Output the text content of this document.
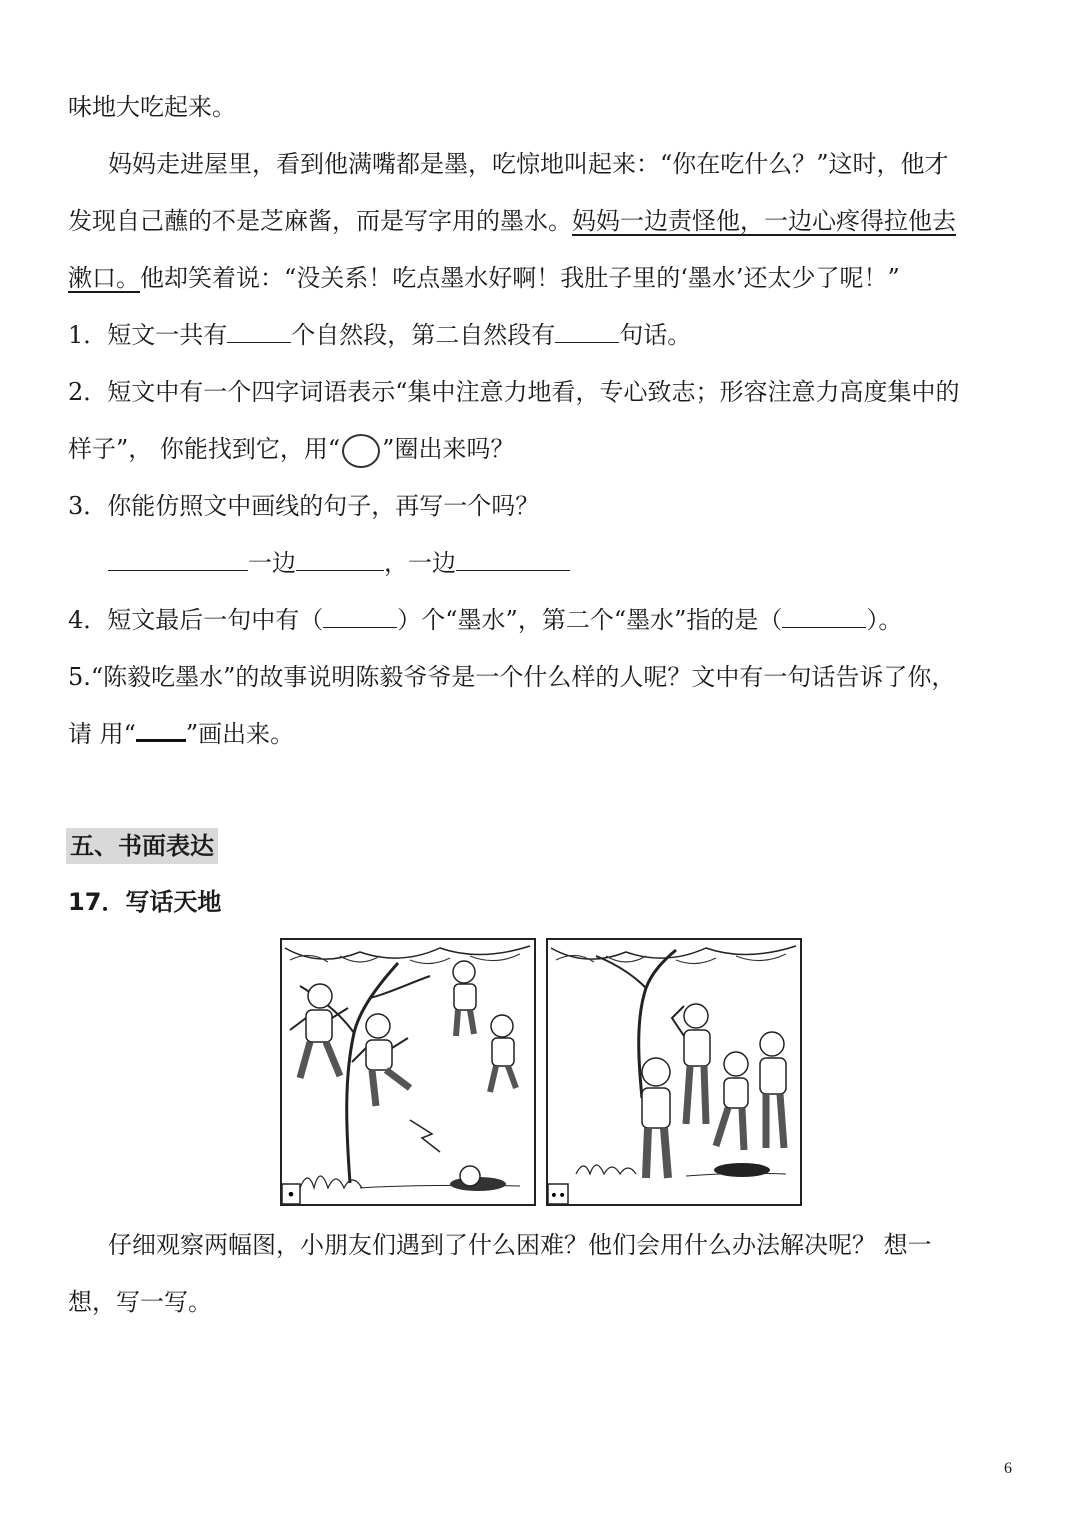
味地大吃起来。
妈妈走进屋里，看到他满嘴都是墨，吃惊地叫起来：“你在吃什么？”这时，他才
发现自己蘸的不是芝麻酱，而是写字用的墨水。妈妈一边责怪他，一边心疼得拉他去
漱口。他却笑着说：“没关系！吃点墨水好啊！我肚子里的‘墨水’还太少了呢！”
1．短文一共有	个自然段，第二自然段有	句话。
2．短文中有一个四字词语表示“集中注意力地看，专心致志；形容注意力高度集中的
样子”， 你能找到它，用“ ○ ”圈出来吗？
3．你能仿照文中画线的句子，再写一个吗？
一边	，一边
4．短文最后一句中有（	）个“墨水”，第二个“墨水”指的是（	）。
5.“陈毅吃墨水”的故事说明陈毅爷爷是一个什么样的人呢？文中有一句话告诉了你，
请 用“ ”画出来。
五、书面表达
17．写话天地
•	••
仔细观察两幅图，小朋友们遇到了什么困难？他们会用什么办法解决呢？ 想一
想，写一写。
6
